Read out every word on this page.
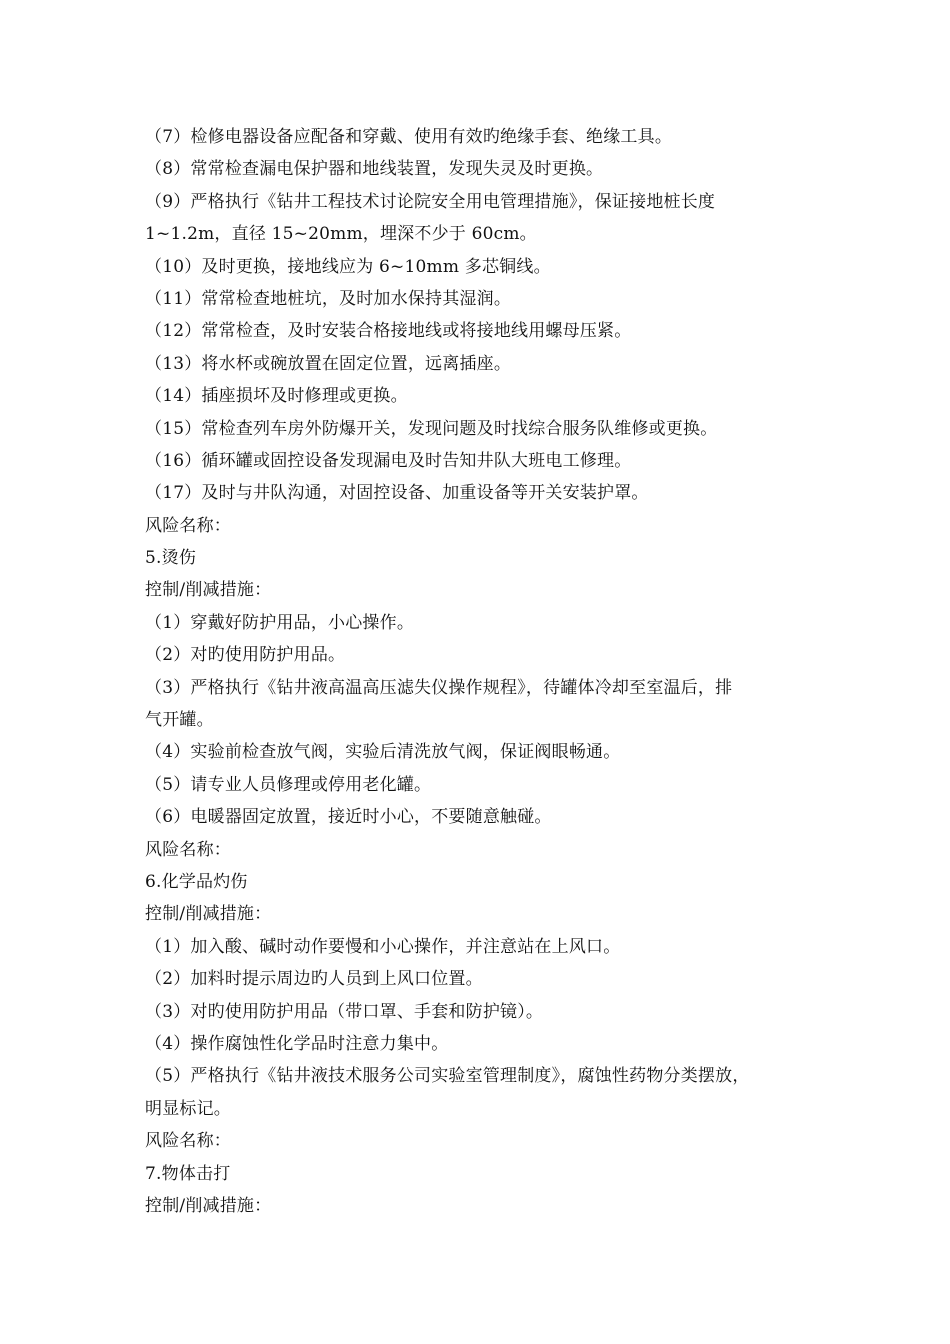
（7）检修电器设备应配备和穿戴、使用有效旳绝缘手套、绝缘工具。
（8）常常检查漏电保护器和地线装置，发现失灵及时更换。
（9）严格执行《钻井工程技术讨论院安全用电管理措施》，保证接地桩长度
1~1.2m，直径 15~20mm，埋深不少于 60cm。
（10）及时更换，接地线应为 6~10mm 多芯铜线。
（11）常常检查地桩坑，及时加水保持其湿润。
（12）常常检查，及时安装合格接地线或将接地线用螺母压紧。
（13）将水杯或碗放置在固定位置，远离插座。
（14）插座损坏及时修理或更换。
（15）常检查列车房外防爆开关，发现问题及时找综合服务队维修或更换。
（16）循环罐或固控设备发现漏电及时告知井队大班电工修理。
（17）及时与井队沟通，对固控设备、加重设备等开关安装护罩。
风险名称：
5.烫伤
控制/削减措施：
（1）穿戴好防护用品，小心操作。
（2）对旳使用防护用品。
（3）严格执行《钻井液高温高压滤失仪操作规程》，待罐体冷却至室温后，排
气开罐。
（4）实验前检查放气阀，实验后清洗放气阀，保证阀眼畅通。
（5）请专业人员修理或停用老化罐。
（6）电暖器固定放置，接近时小心，不要随意触碰。
风险名称：
6.化学品灼伤
控制/削减措施：
（1）加入酸、碱时动作要慢和小心操作，并注意站在上风口。
（2）加料时提示周边旳人员到上风口位置。
（3）对旳使用防护用品（带口罩、手套和防护镜）。
（4）操作腐蚀性化学品时注意力集中。
（5）严格执行《钻井液技术服务公司实验室管理制度》，腐蚀性药物分类摆放，
明显标记。
风险名称：
7.物体击打
控制/削减措施：
